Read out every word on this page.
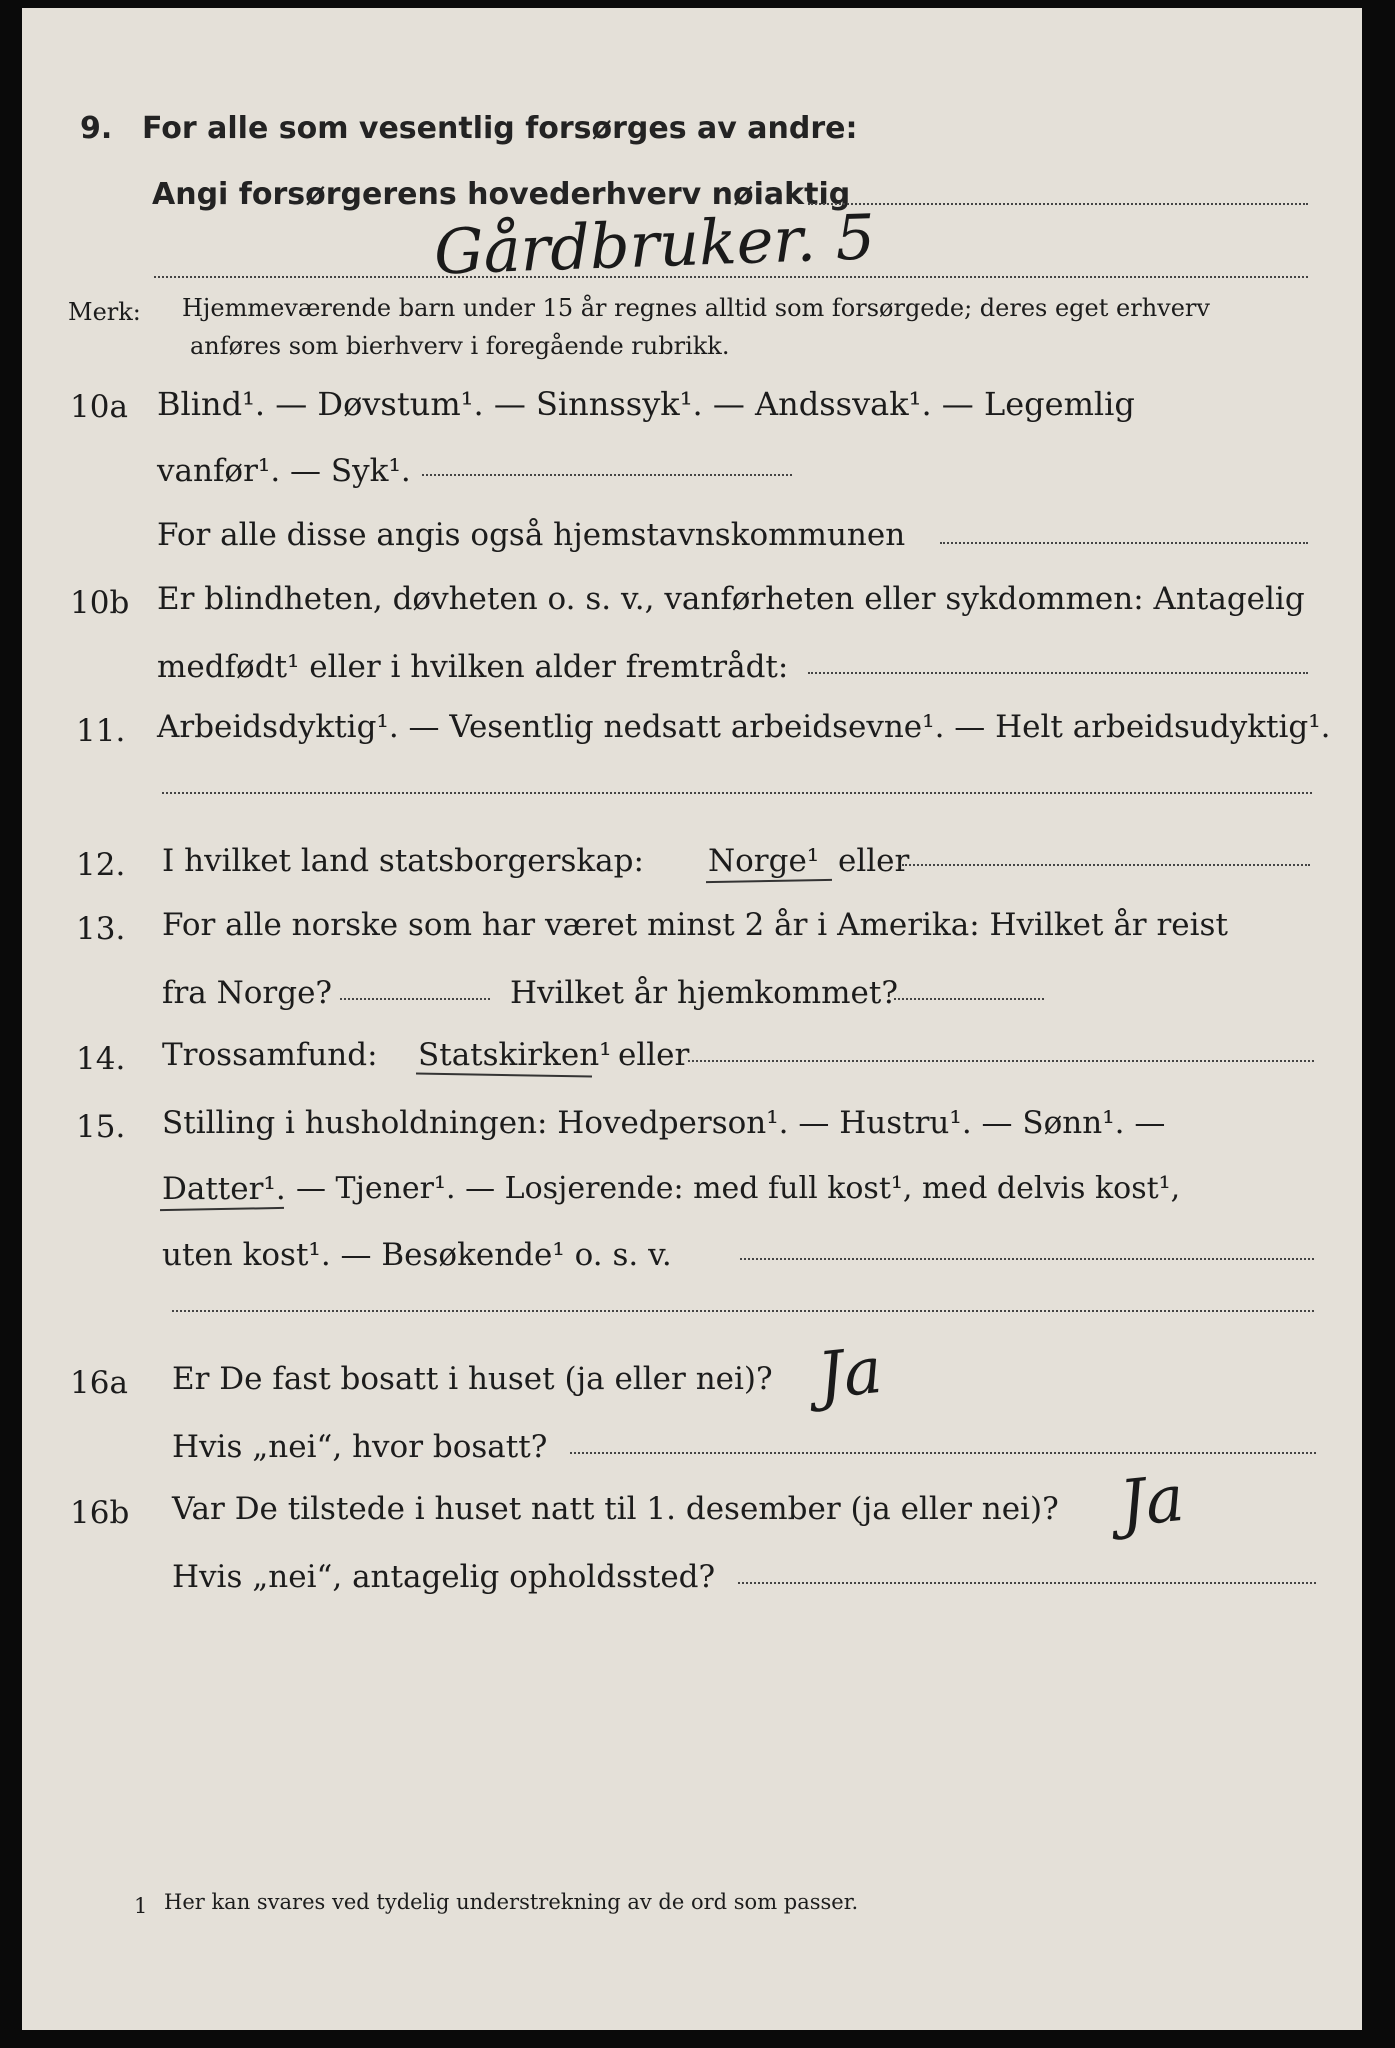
9. For alle som vesentlig forsørges av andre:
Angi forsørgerens hovederhverv nøiaktig
Gårdbruker. 5
Merk: Hjemmeværende barn under 15 år regnes alltid som forsørgede; deres eget erhverv
anføres som bierhverv i foregående rubrikk.
10a Blind¹. — Døvstum¹. — Sinnssyk¹. — Andssvak¹. — Legemlig
vanfør¹. — Syk¹.
For alle disse angis også hjemstavnskommunen
10b Er blindheten, døvheten o. s. v., vanførheten eller sykdommen: Antagelig
medfødt¹ eller i hvilken alder fremtrådt:
11. Arbeidsdyktig¹. — Vesentlig nedsatt arbeidsevne¹. — Helt arbeidsudyktig¹.
12. I hvilket land statsborgerskap: Norge¹ eller
13. For alle norske som har været minst 2 år i Amerika: Hvilket år reist
fra Norge?	Hvilket år hjemkommet?
14. Trossamfund: Statskirken¹ eller
15. Stilling i husholdningen: Hovedperson¹. — Hustru¹. — Sønn¹. —
Datter¹. — Tjener¹. — Losjerende: med full kost¹, med delvis kost¹,
uten kost¹. — Besøkende¹ o. s. v.
16a Er De fast bosatt i huset (ja eller nei)? Ja
Hvis „nei“, hvor bosatt?
16b Var De tilstede i huset natt til 1. desember (ja eller nei)? Ja
Hvis „nei“, antagelig opholdssted?
1 Her kan svares ved tydelig understrekning av de ord som passer.
